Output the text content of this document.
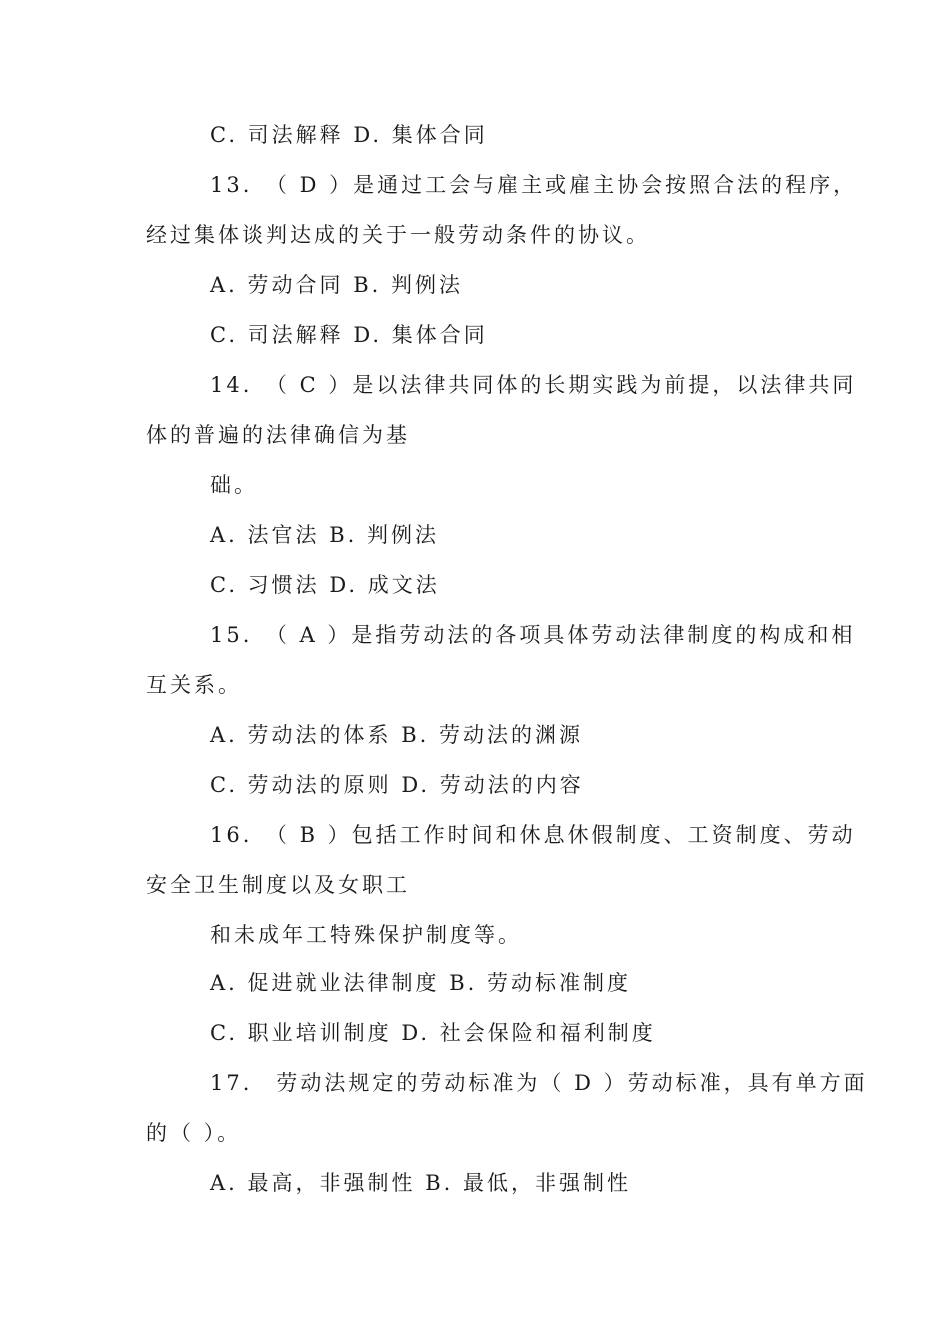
C. 司法解释 D. 集体合同
13.　（ D ）是通过工会与雇主或雇主协会按照合法的程序，
经过集体谈判达成的关于一般劳动条件的协议。
A. 劳动合同 B. 判例法
C. 司法解释 D. 集体合同
14.　（ C ）是以法律共同体的长期实践为前提，以法律共同
体的普遍的法律确信为基
础。
A. 法官法 B. 判例法
C. 习惯法 D. 成文法
15.　（ A ）是指劳动法的各项具体劳动法律制度的构成和相
互关系。
A. 劳动法的体系 B. 劳动法的渊源
C. 劳动法的原则 D. 劳动法的内容
16.　（ B ）包括工作时间和休息休假制度、工资制度、劳动
安全卫生制度以及女职工
和未成年工特殊保护制度等。
A. 促进就业法律制度 B. 劳动标准制度
C. 职业培训制度 D. 社会保险和福利制度
17.　劳动法规定的劳动标准为（ D ）劳动标准，具有单方面
的（ ）。
A. 最高，非强制性 B. 最低，非强制性
